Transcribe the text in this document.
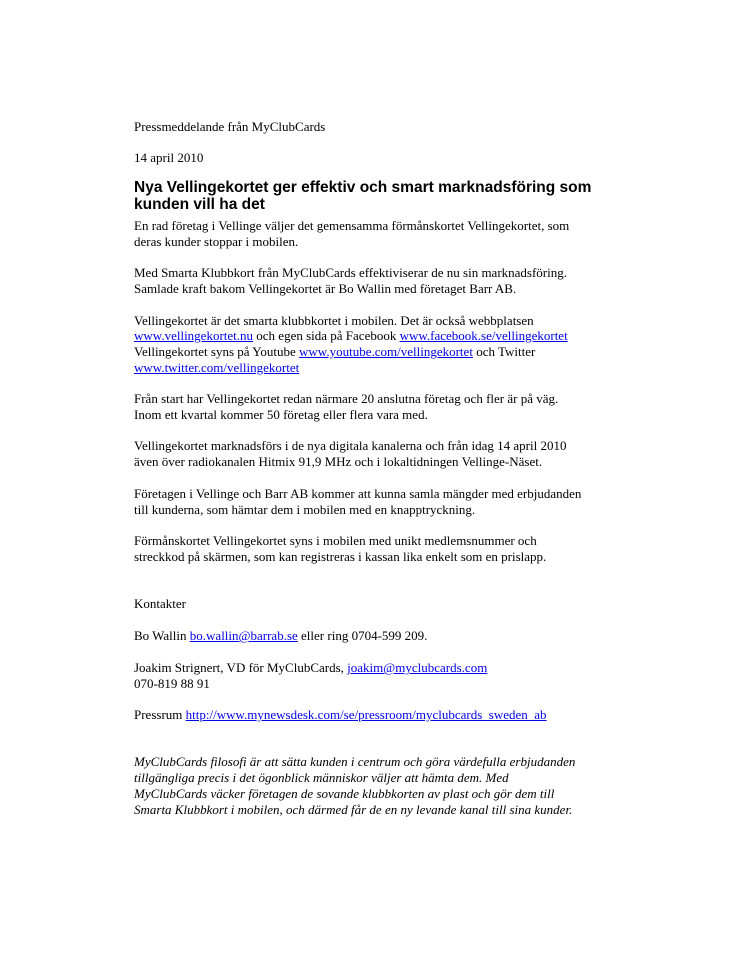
Pressmeddelande från MyClubCards

14 april 2010

Nya Vellingekortet ger effektiv och smart marknadsföring som

kunden vill ha det

En rad företag i Vellinge väljer det gemensamma förmånskortet Vellingekortet, som

deras kunder stoppar i mobilen.

Med Smarta Klubbkort från MyClubCards effektiviserar de nu sin marknadsföring.

Samlade kraft bakom Vellingekortet är Bo Wallin med företaget Barr AB.

Vellingekortet är det smarta klubbkortet i mobilen. Det är också webbplatsen

www.vellingekortet.nu och egen sida på Facebook www.facebook.se/vellingekortet

Vellingekortet syns på Youtube www.youtube.com/vellingekortet och Twitter

www.twitter.com/vellingekortet

Från start har Vellingekortet redan närmare 20 anslutna företag och fler är på väg.

Inom ett kvartal kommer 50 företag eller flera vara med.

Vellingekortet marknadsförs i de nya digitala kanalerna och från idag 14 april 2010

även över radiokanalen Hitmix 91,9 MHz och i lokaltidningen Vellinge-Näset.

Företagen i Vellinge och Barr AB kommer att kunna samla mängder med erbjudanden

till kunderna, som hämtar dem i mobilen med en knapptryckning.

Förmånskortet Vellingekortet syns i mobilen med unikt medlemsnummer och

streckkod på skärmen, som kan registreras i kassan lika enkelt som en prislapp.

Kontakter

Bo Wallin bo.wallin@barrab.se eller ring 0704-599 209.

Joakim Strignert, VD för MyClubCards, joakim@myclubcards.com

070-819 88 91

Pressrum http://www.mynewsdesk.com/se/pressroom/myclubcards_sweden_ab

MyClubCards filosofi är att sätta kunden i centrum och göra värdefulla erbjudanden

tillgängliga precis i det ögonblick människor väljer att hämta dem. Med

MyClubCards väcker företagen de sovande klubbkorten av plast och gör dem till

Smarta Klubbkort i mobilen, och därmed får de en ny levande kanal till sina kunder.
